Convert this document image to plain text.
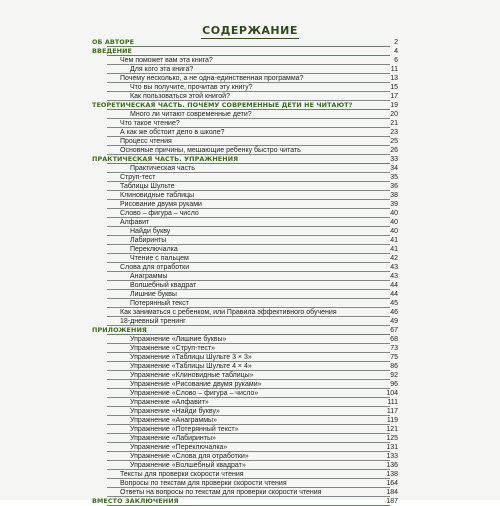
СОДЕРЖАНИЕ
ОБ АВТОРЕ	2
ВВЕДЕНИЕ	4
Чем поможет вам эта книга?	6
Для кого эта книга?	11
Почему несколько, а не одна-единственная программа?	13
Что вы получите, прочитав эту книгу?	15
Как пользоваться этой книгой?	17
ТЕОРЕТИЧЕСКАЯ ЧАСТЬ. ПОЧЕМУ СОВРЕМЕННЫЕ ДЕТИ НЕ ЧИТАЮТ?	19
Много ли читают современные дети?	20
Что такое чтение?	21
А как же обстоит дело в школе?	23
Процесс чтения	25
Основные причины, мешающие ребенку быстро читать	26
ПРАКТИЧЕСКАЯ ЧАСТЬ. УПРАЖНЕНИЯ	33
Практическая часть	34
Струп-тест	35
Таблицы Шульте	36
Клиновидные таблицы	38
Рисование двумя руками	39
Слово – фигура – число	40
Алфавит	40
Найди букву	40
Лабиринты	41
Переключалка	41
Чтение с пальцем	42
Слова для отработки	43
Анаграммы	43
Волшебный квадрат	44
Лишние буквы	44
Потерянный текст	45
Как заниматься с ребенком, или Правила эффективного обучения	46
18-дневный тренинг	49
ПРИЛОЖЕНИЯ	67
Упражнение «Лишние буквы»	68
Упражнение «Струп-тест»	73
Упражнение «Таблицы Шульте 3 × 3»	75
Упражнение «Таблицы Шульте 4 × 4»	86
Упражнение «Клиновидные таблицы»	92
Упражнение «Рисование двумя руками»	96
Упражнение «Слово – фигура – число»	104
Упражнение «Алфавит»	111
Упражнение «Найди букву»	117
Упражнение «Анаграммы»	119
Упражнение «Потерянный текст»	121
Упражнение «Лабиринты»	125
Упражнение «Переключалка»	131
Упражнение «Слова для отработки»	133
Упражнение «Волшебный квадрат»	136
Тексты для проверки скорости чтения	138
Вопросы по текстам для проверки скорости чтения	164
Ответы на вопросы по текстам для проверки скорости чтения	184
ВМЕСТО ЗАКЛЮЧЕНИЯ	187
